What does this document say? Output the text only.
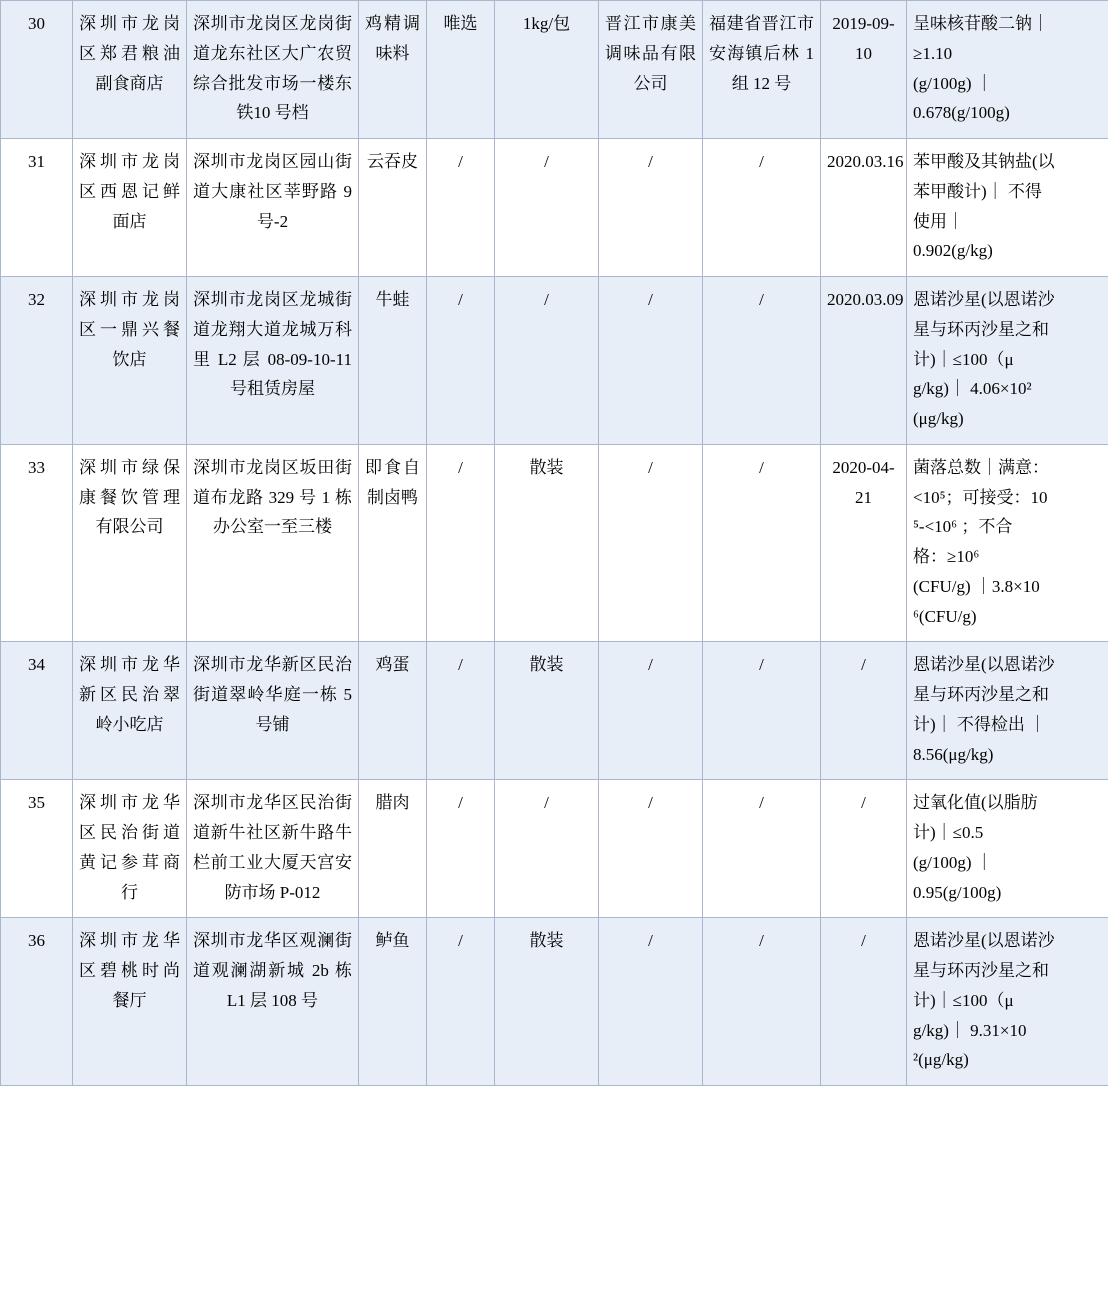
30	深圳市龙岗区郑君粮油副食商店	深圳市龙岗区龙岗街道龙东社区大广农贸综合批发市场一楼东铁10 号档	鸡精调味料	唯选	1kg/包	晋江市康美调味品有限公司	福建省晋江市安海镇后林 1 组 12 号	2019-09-10	呈味核苷酸二钠｜
≥1.10
(g/100g) ｜
0.678(g/100g)

31	深圳市龙岗区西恩记鲜面店	深圳市龙岗区园山街道大康社区莘野路 9 号-2	云吞皮	/	/	/	/	2020.03.16	苯甲酸及其钠盐(以
苯甲酸计)｜ 不得
使用｜
0.902(g/kg)

32	深圳市龙岗区一鼎兴餐饮店	深圳市龙岗区龙城街道龙翔大道龙城万科里 L2 层 08-09-10-11 号租赁房屋	牛蛙	/	/	/	/	2020.03.09	恩诺沙星(以恩诺沙
星与环丙沙星之和
计)｜≤100（μ
g/kg)｜ 4.06×10²
(μg/kg)

33	深圳市绿保康餐饮管理有限公司	深圳市龙岗区坂田街道布龙路 329 号 1 栋办公室一至三楼	即食自制卤鸭	/	散装	/	/	2020-04-21	
菌落总数｜满意：
<10⁵；可接受：10
⁵-<10⁶ ；不合
格：≥10⁶
(CFU/g) ｜3.8×10
⁶(CFU/g)

34	深圳市龙华新区民治翠岭小吃店	深圳市龙华新区民治街道翠岭华庭一栋 5 号铺	鸡蛋	/	散装	/	/	/	恩诺沙星(以恩诺沙
星与环丙沙星之和
计)｜ 不得检出 ｜
8.56(μg/kg)

35	深圳市龙华区民治街道黄记参茸商行	深圳市龙华区民治街道新牛社区新牛路牛栏前工业大厦天宫安防市场 P‐012	腊肉	/	/	/	/	/	过氧化值(以脂肪
计)｜≤0.5
(g/100g) ｜
0.95(g/100g)

36	深圳市龙华区碧桃时尚餐厅	深圳市龙华区观澜街道观澜湖新城 2b 栋 L1 层 108 号	鲈鱼	/	散装	/	/	/	恩诺沙星(以恩诺沙
星与环丙沙星之和
计)｜≤100（μ
g/kg)｜ 9.31×10
²(μg/kg)
